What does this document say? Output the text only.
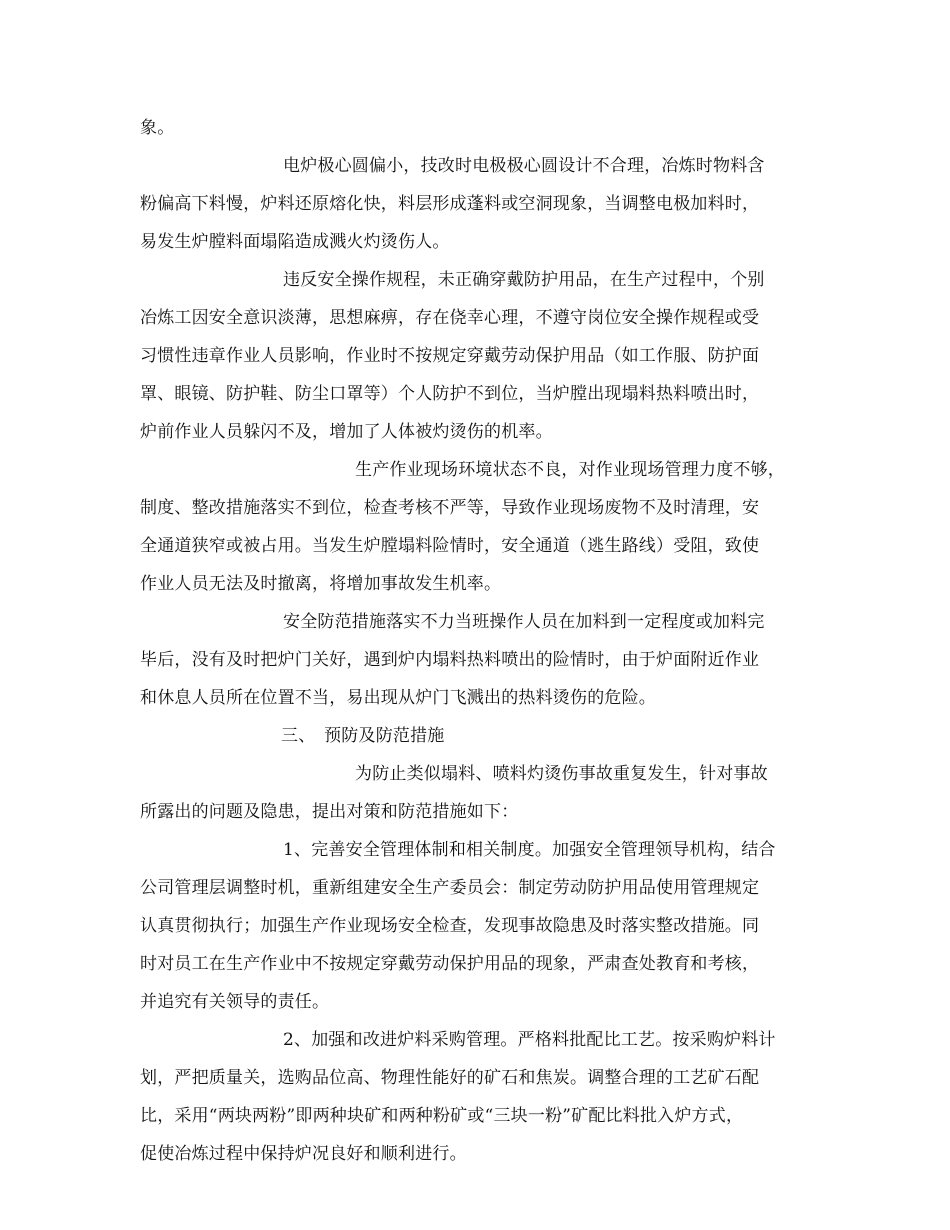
象。
电炉极心圆偏小，技改时电极极心圆设计不合理，冶炼时物料含
粉偏高下料慢，炉料还原熔化快，料层形成蓬料或空洞现象，当调整电极加料时，
易发生炉膛料面塌陷造成溅火灼烫伤人。
违反安全操作规程，未正确穿戴防护用品，在生产过程中，个别
冶炼工因安全意识淡薄，思想麻痹，存在侥幸心理，不遵守岗位安全操作规程或受
习惯性违章作业人员影响，作业时不按规定穿戴劳动保护用品（如工作服、防护面
罩、眼镜、防护鞋、防尘口罩等）个人防护不到位，当炉膛出现塌料热料喷出时，
炉前作业人员躲闪不及，增加了人体被灼烫伤的机率。
生产作业现场环境状态不良，对作业现场管理力度不够，
制度、整改措施落实不到位，检查考核不严等，导致作业现场废物不及时清理，安
全通道狭窄或被占用。当发生炉膛塌料险情时，安全通道（逃生路线）受阻，致使
作业人员无法及时撤离，将增加事故发生机率。
安全防范措施落实不力当班操作人员在加料到一定程度或加料完
毕后，没有及时把炉门关好，遇到炉内塌料热料喷出的险情时，由于炉面附近作业
和休息人员所在位置不当，易出现从炉门飞溅出的热料烫伤的危险。
三、　预防及防范措施
为防止类似塌料、喷料灼烫伤事故重复发生，针对事故
所露出的问题及隐患，提出对策和防范措施如下：
1、完善安全管理体制和相关制度。加强安全管理领导机构，结合
公司管理层调整时机，重新组建安全生产委员会：制定劳动防护用品使用管理规定
认真贯彻执行；加强生产作业现场安全检查，发现事故隐患及时落实整改措施。同
时对员工在生产作业中不按规定穿戴劳动保护用品的现象，严肃查处教育和考核，
并追究有关领导的责任。
2、加强和改进炉料采购管理。严格料批配比工艺。按采购炉料计
划，严把质量关，选购品位高、物理性能好的矿石和焦炭。调整合理的工艺矿石配
比，采用“两块两粉”即两种块矿和两种粉矿或“三块一粉”矿配比料批入炉方式，
促使冶炼过程中保持炉况良好和顺利进行。
